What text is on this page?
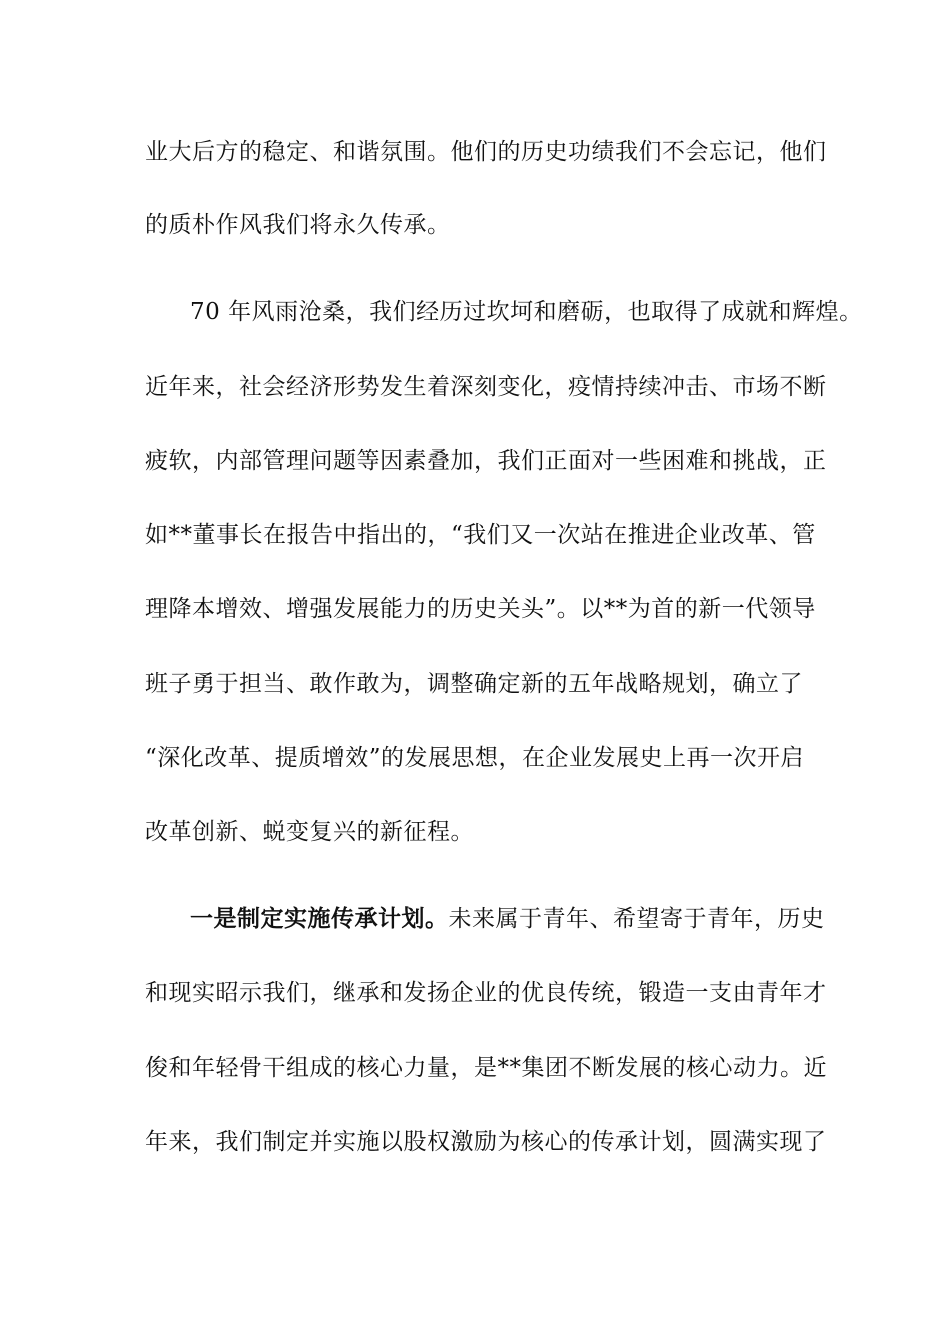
业大后方的稳定、和谐氛围。他们的历史功绩我们不会忘记，他们
的质朴作风我们将永久传承。
70 年风雨沧桑，我们经历过坎坷和磨砺，也取得了成就和辉煌。
近年来，社会经济形势发生着深刻变化，疫情持续冲击、市场不断
疲软，内部管理问题等因素叠加，我们正面对一些困难和挑战，正
如**董事长在报告中指出的，“我们又一次站在推进企业改革、管
理降本增效、增强发展能力的历史关头”。以**为首的新一代领导
班子勇于担当、敢作敢为，调整确定新的五年战略规划，确立了
“深化改革、提质增效”的发展思想，在企业发展史上再一次开启
改革创新、蜕变复兴的新征程。
一是制定实施传承计划。未来属于青年、希望寄于青年，历史
和现实昭示我们，继承和发扬企业的优良传统，锻造一支由青年才
俊和年轻骨干组成的核心力量，是**集团不断发展的核心动力。近
年来，我们制定并实施以股权激励为核心的传承计划，圆满实现了
